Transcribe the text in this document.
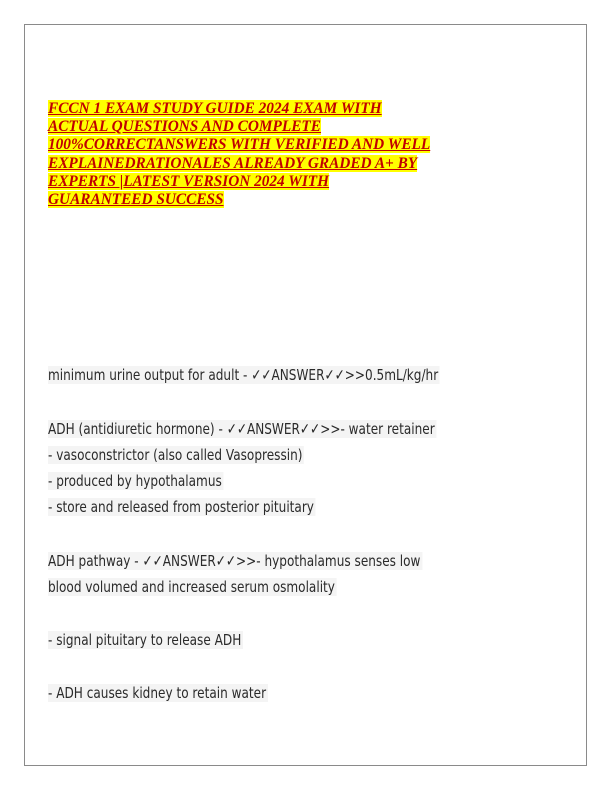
FCCN 1 EXAM STUDY GUIDE 2024 EXAM WITH
ACTUAL QUESTIONS AND COMPLETE
100%CORRECTANSWERS WITH VERIFIED AND WELL
EXPLAINEDRATIONALES ALREADY GRADED A+ BY
EXPERTS |LATEST VERSION 2024 WITH
GUARANTEED SUCCESS
minimum urine output for adult - ✓✓ANSWER✓✓>>0.5mL/kg/hr
ADH (antidiuretic hormone) - ✓✓ANSWER✓✓>>- water retainer
- vasoconstrictor (also called Vasopressin)
- produced by hypothalamus
- store and released from posterior pituitary
ADH pathway - ✓✓ANSWER✓✓>>- hypothalamus senses low
blood volumed and increased serum osmolality
- signal pituitary to release ADH
- ADH causes kidney to retain water
